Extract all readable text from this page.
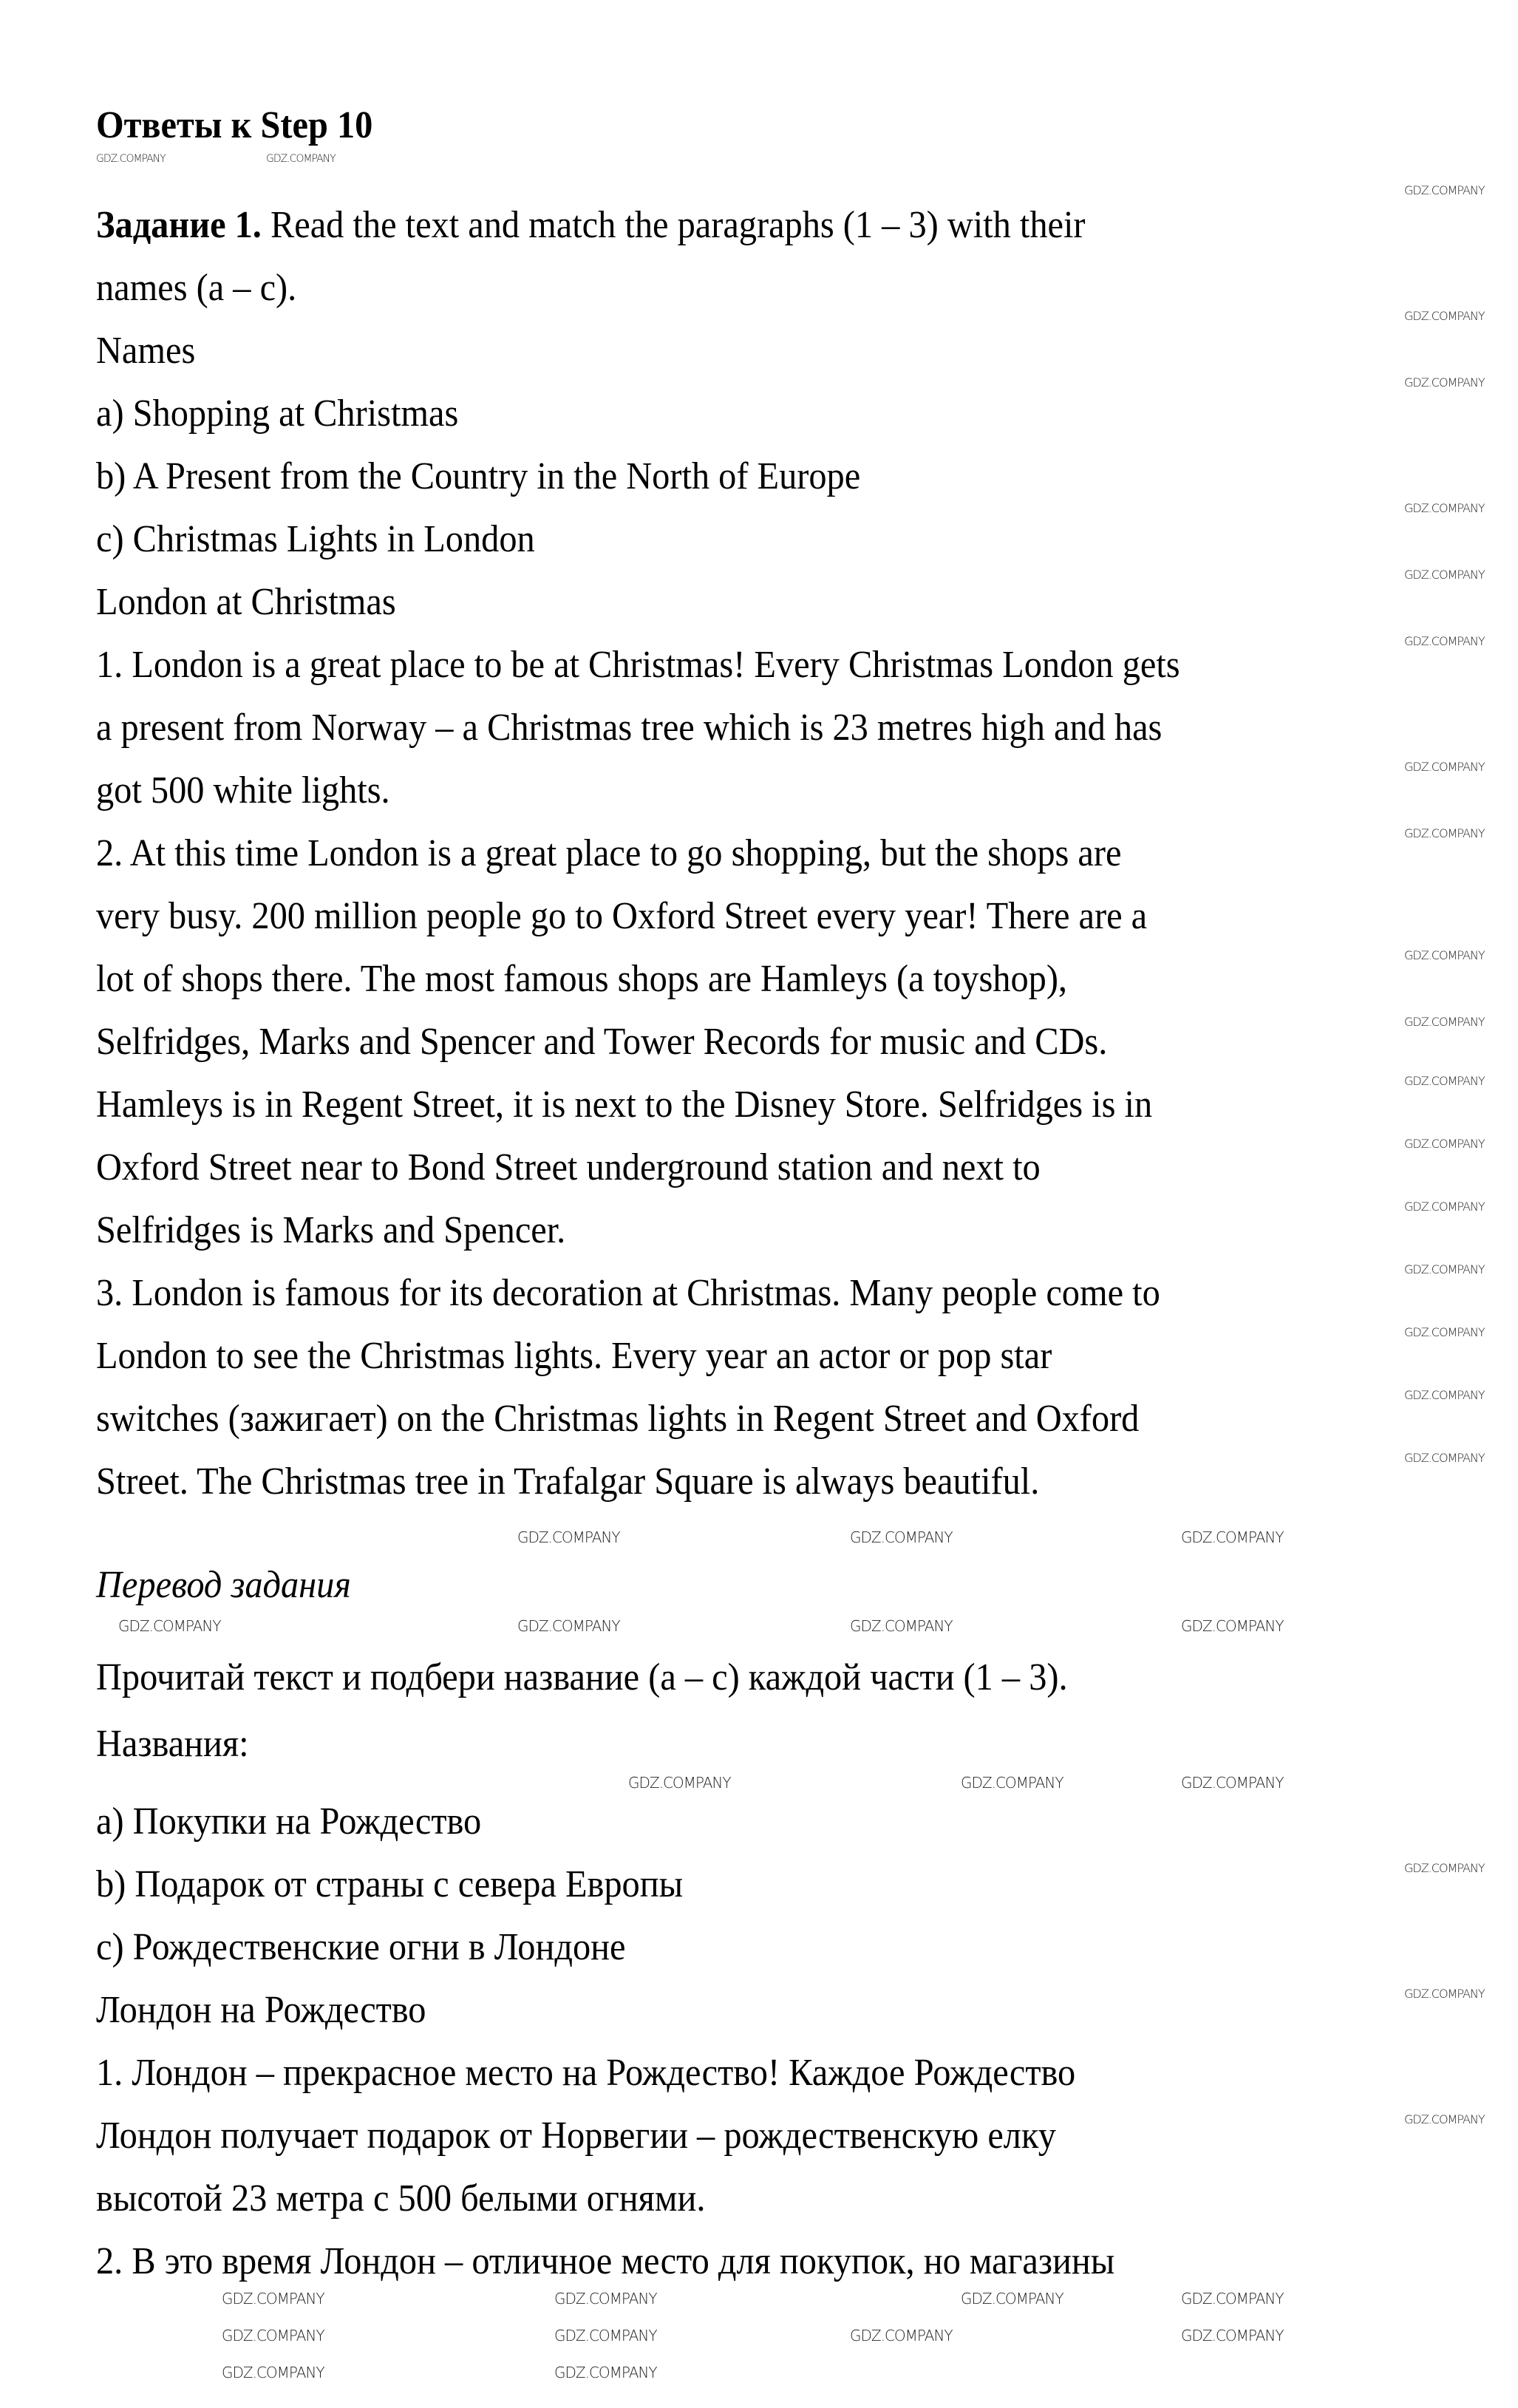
Ответы к Step 10
Задание 1. Read the text and match the paragraphs (1 – 3) with their
names (a – c).
Names
a) Shopping at Christmas
b) A Present from the Country in the North of Europe
c) Christmas Lights in London
London at Christmas
1. London is a great place to be at Christmas! Every Christmas London gets
a present from Norway – a Christmas tree which is 23 metres high and has
got 500 white lights.
2. At this time London is a great place to go shopping, but the shops are
very busy. 200 million people go to Oxford Street every year! There are a
lot of shops there. The most famous shops are Hamleys (a toyshop),
Selfridges, Marks and Spencer and Tower Records for music and CDs.
Hamleys is in Regent Street, it is next to the Disney Store. Selfridges is in
Oxford Street near to Bond Street underground station and next to
Selfridges is Marks and Spencer.
3. London is famous for its decoration at Christmas. Many people come to
London to see the Christmas lights. Every year an actor or pop star
switches (зажигает) on the Christmas lights in Regent Street and Oxford
Street. The Christmas tree in Trafalgar Square is always beautiful.
Перевод задания
Прочитай текст и подбери название (a – c) каждой части (1 – 3).
Названия:
a) Покупки на Рождество
b) Подарок от страны с севера Европы
c) Рождественские огни в Лондоне
Лондон на Рождество
1. Лондон – прекрасное место на Рождество! Каждое Рождество
Лондон получает подарок от Норвегии – рождественскую елку
высотой 23 метра с 500 белыми огнями.
2. В это время Лондон – отличное место для покупок, но магазины
GDZ.COMPANY	GDZ.COMPANY
GDZ.COMPANY	GDZ.COMPANY	GDZ.COMPANY	GDZ.COMPANY
GDZ.COMPANY	GDZ.COMPANY	GDZ.COMPANY
GDZ.COMPANY	GDZ.COMPANY	GDZ.COMPANY
GDZ.COMPANY	GDZ.COMPANY
GDZ.COMPANY	GDZ.COMPANY
GDZ.COMPANY	GDZ.COMPANY	GDZ.COMPANY	GDZ.COMPANY
GDZ.COMPANY	GDZ.COMPANY
GDZ.COMPANY
GDZ.COMPANY
GDZ.COMPANY
GDZ.COMPANY
GDZ.COMPANY
GDZ.COMPANY
GDZ.COMPANY
GDZ.COMPANY
GDZ.COMPANY
GDZ.COMPANY
GDZ.COMPANY
GDZ.COMPANY
GDZ.COMPANY
GDZ.COMPANY
GDZ.COMPANY
GDZ.COMPANY
GDZ.COMPANY
GDZ.COMPANY
GDZ.COMPANY
GDZ.COMPANY
